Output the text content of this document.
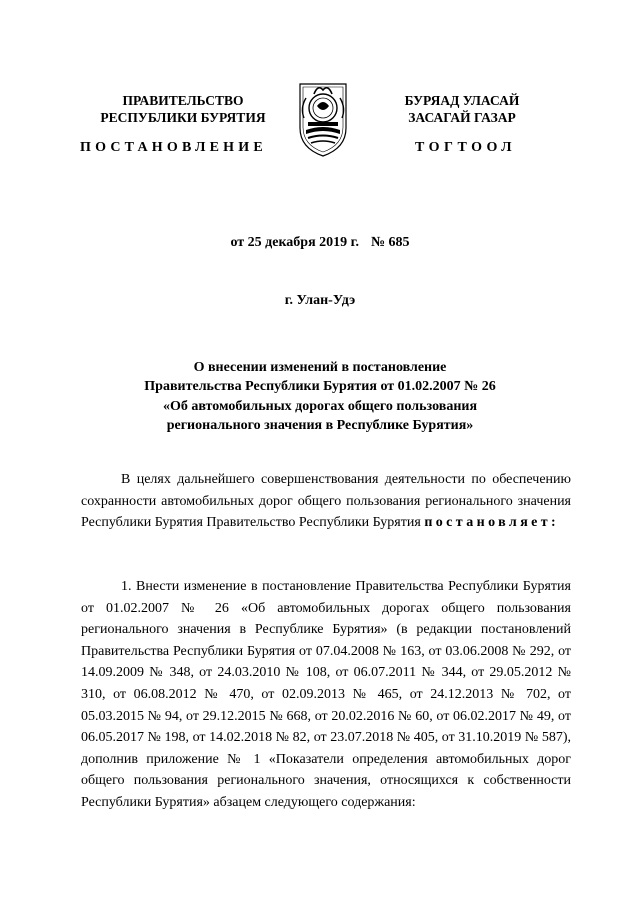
ПРАВИТЕЛЬСТВО
РЕСПУБЛИКИ БУРЯТИЯ
БУРЯАД УЛАСАЙ
ЗАСАГАЙ ГАЗАР
ПОСТАНОВЛЕНИЕ	ТОГТООЛ
от 25 декабря 2019 г. № 685
г. Улан-Удэ
О внесении изменений в постановление
Правительства Республики Бурятия от 01.02.2007 № 26
«Об автомобильных дорогах общего пользования
регионального значения в Республике Бурятия»

В целях дальнейшего совершенствования деятельности по обеспечению сохранности автомобильных дорог общего пользования регионального значения Республики Бурятия Правительство Республики Бурятия постановляет:

1. Внести изменение в постановление Правительства Республики Бурятия от 01.02.2007 № 26 «Об автомобильных дорогах общего пользования регионального значения в Республике Бурятия» (в редакции постановлений Правительства Республики Бурятия от 07.04.2008 № 163, от 03.06.2008 № 292, от 14.09.2009 № 348, от 24.03.2010 № 108, от 06.07.2011 № 344, от 29.05.2012 № 310, от 06.08.2012 № 470, от 02.09.2013 № 465, от 24.12.2013 № 702, от 05.03.2015 № 94, от 29.12.2015 № 668, от 20.02.2016 № 60, от 06.02.2017 № 49, от 06.05.2017 № 198, от 14.02.2018 № 82, от 23.07.2018 № 405, от 31.10.2019 № 587), дополнив приложение № 1 «Показатели определения автомобильных дорог общего пользования регионального значения, относящихся к собственности Республики Бурятия» абзацем следующего содержания:
